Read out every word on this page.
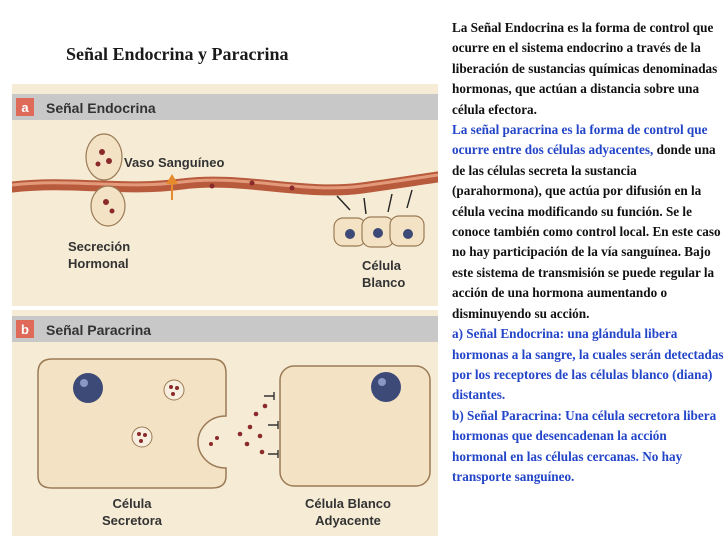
Señal Endocrina y Paracrina
La Señal Endocrina es la forma de control que ocurre en el sistema endocrino a través de la liberación de sustancias químicas denominadas hormonas, que actúan a distancia sobre una célula efectora.
La señal paracrina es la forma de control que ocurre entre dos células adyacentes, donde una de las células secreta la sustancia (parahormona), que actúa por difusión en la célula vecina modificando su función. Se le conoce también como control local. En este caso no hay participación de la vía sanguínea. Bajo este sistema de transmisión se puede regular la acción de una hormona aumentando o disminuyendo su acción.
a) Señal Endocrina: una glándula libera hormonas a la sangre, la cuales serán detectadas por los receptores de las células blanco (diana) distantes.
b) Señal Paracrina: Una célula secretora libera hormonas que desencadenan la acción hormonal en las células cercanas. No hay transporte sanguíneo.
a Señal Endocrina
Vaso Sanguíneo
Secreción
Hormonal	Célula
Blanco
b Señal Paracrina
Célula
Secretora
Célula Blanco
Adyacente
